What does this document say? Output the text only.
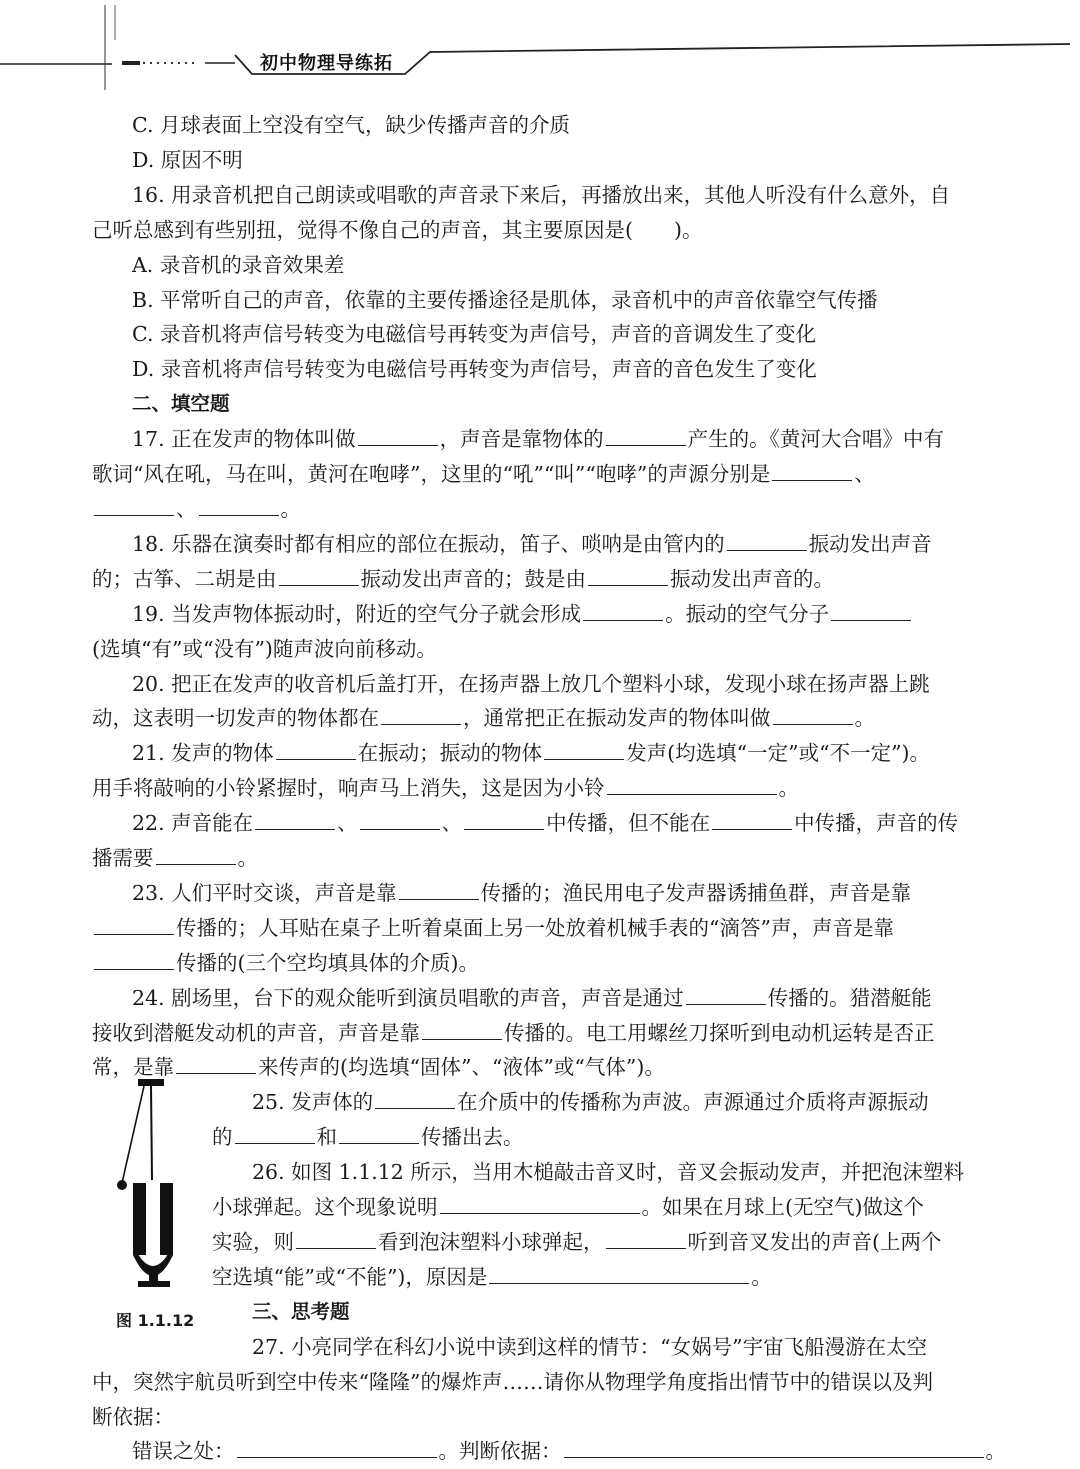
初中物理导练拓

C. 月球表面上空没有空气，缺少传播声音的介质

D. 原因不明

16. 用录音机把自己朗读或唱歌的声音录下来后，再播放出来，其他人听没有什么意外，自

己听总感到有些别扭，觉得不像自己的声音，其主要原因是(　　)。

A. 录音机的录音效果差

B. 平常听自己的声音，依靠的主要传播途径是肌体，录音机中的声音依靠空气传播

C. 录音机将声信号转变为电磁信号再转变为声信号，声音的音调发生了变化

D. 录音机将声信号转变为电磁信号再转变为声信号，声音的音色发生了变化

二、填空题

17. 正在发声的物体叫做	，声音是靠物体的	产生的。《黄河大合唱》中有

歌词“风在吼，马在叫，黄河在咆哮”，这里的“吼”“叫”“咆哮”的声源分别是	、

、	。

18. 乐器在演奏时都有相应的部位在振动，笛子、唢呐是由管内的	振动发出声音

的；古筝、二胡是由	振动发出声音的；鼓是由	振动发出声音的。

19. 当发声物体振动时，附近的空气分子就会形成	。振动的空气分子

(选填“有”或“没有”)随声波向前移动。

20. 把正在发声的收音机后盖打开，在扬声器上放几个塑料小球，发现小球在扬声器上跳

动，这表明一切发声的物体都在	，通常把正在振动发声的物体叫做	。

21. 发声的物体	在振动；振动的物体	发声(均选填“一定”或“不一定”)。

用手将敲响的小铃紧握时，响声马上消失，这是因为小铃	。

22. 声音能在	、	、	中传播，但不能在	中传播，声音的传

播需要	。

23. 人们平时交谈，声音是靠	传播的；渔民用电子发声器诱捕鱼群，声音是靠

传播的；人耳贴在桌子上听着桌面上另一处放着机械手表的“滴答”声，声音是靠

传播的(三个空均填具体的介质)。

24. 剧场里，台下的观众能听到演员唱歌的声音，声音是通过	传播的。猎潜艇能

接收到潜艇发动机的声音，声音是靠	传播的。电工用螺丝刀探听到电动机运转是否正

常，是靠	来传声的(均选填“固体”、“液体”或“气体”)。

25. 发声体的	在介质中的传播称为声波。声源通过介质将声源振动

的	和	传播出去。

26. 如图 1.1.12 所示，当用木槌敲击音叉时，音叉会振动发声，并把泡沫塑料

小球弹起。这个现象说明	。如果在月球上(无空气)做这个

实验，则	看到泡沫塑料小球弹起，	听到音叉发出的声音(上两个

空选填“能”或“不能”)，原因是	。

三、思考题

27. 小亮同学在科幻小说中读到这样的情节：“女娲号”宇宙飞船漫游在太空

中，突然宇航员听到空中传来“隆隆”的爆炸声……请你从物理学角度指出情节中的错误以及判

断依据：

错误之处：	。判断依据：	。

图 1.1.12
